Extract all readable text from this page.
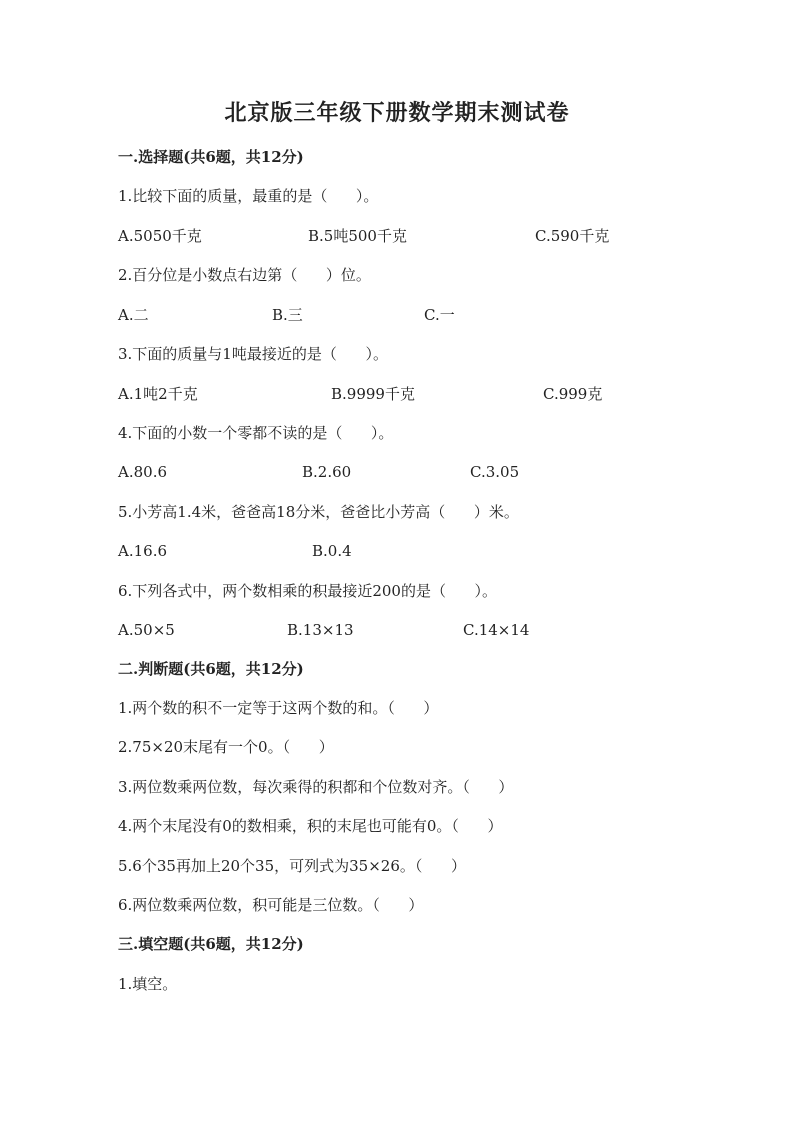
北京版三年级下册数学期末测试卷
一.选择题(共6题，共12分)
1.比较下面的质量，最重的是（      ）。
A.5050千克	B.5吨500千克	C.590千克
2.百分位是小数点右边第（      ）位。
A.二	B.三	C.一
3.下面的质量与1吨最接近的是（      ）。
A.1吨2千克	B.9999千克	C.999克
4.下面的小数一个零都不读的是（      ）。
A.80.6	B.2.60	C.3.05
5.小芳高1.4米，爸爸高18分米，爸爸比小芳高（      ）米。
A.16.6	B.0.4
6.下列各式中，两个数相乘的积最接近200的是（      ）。
A.50×5	B.13×13	C.14×14
二.判断题(共6题，共12分)
1.两个数的积不一定等于这两个数的和。（      ）
2.75×20末尾有一个0。（      ）
3.两位数乘两位数，每次乘得的积都和个位数对齐。（      ）
4.两个末尾没有0的数相乘，积的末尾也可能有0。（      ）
5.6个35再加上20个35，可列式为35×26。（      ）
6.两位数乘两位数，积可能是三位数。（      ）
三.填空题(共6题，共12分)
1.填空。
